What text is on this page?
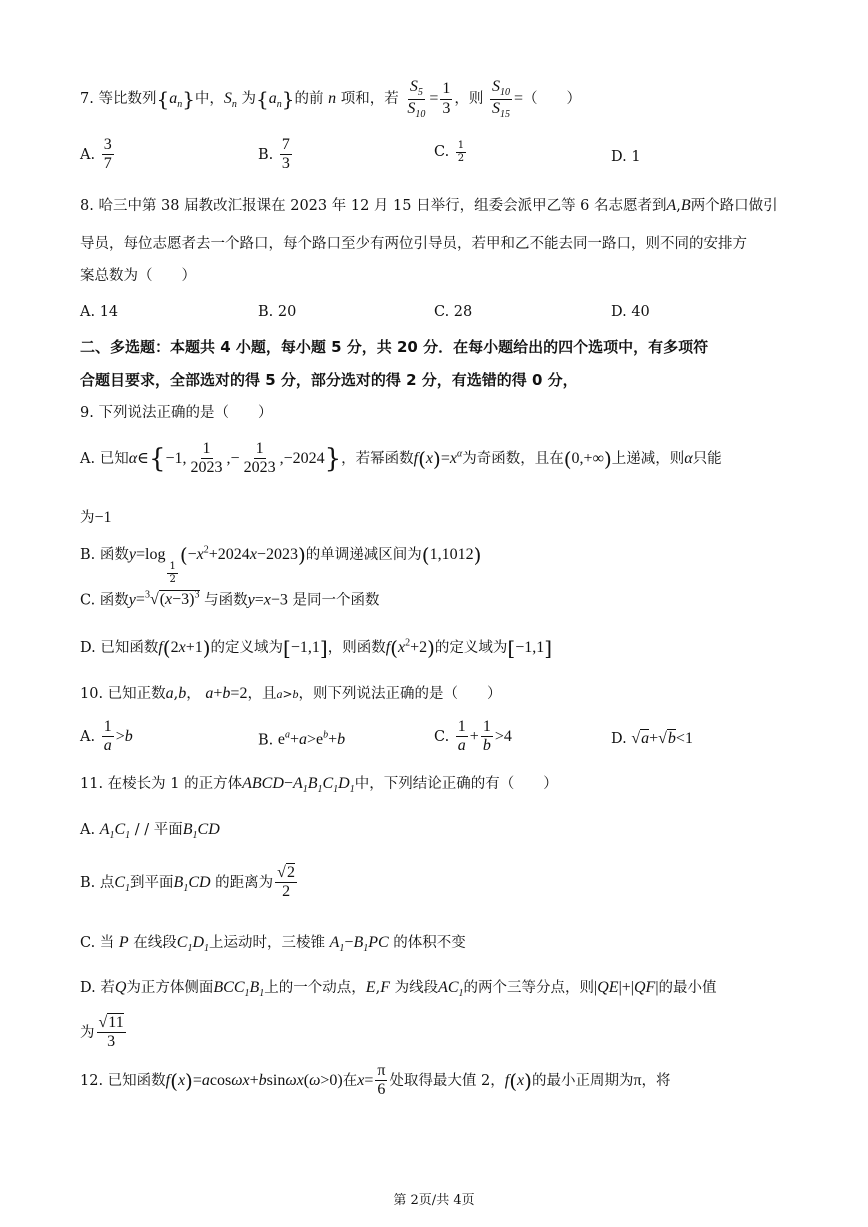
7. 等比数列$\{a_n\}$中，$S_n$ 为$\{a_n\}$的前 n 项和，若 $\frac{S_5}{S_{10}} = \frac{1}{3}$ ，则 $\frac{S_{10}}{S_{15}}$ =（　　）
A. $\frac{3}{7}$	B. $\frac{7}{3}$	C. $\frac{1}{2}$	D. 1
8. 哈三中第 38 届教改汇报课在 2023 年 12 月 15 日举行，组委会派甲乙等 6 名志愿者到A,B两个路口做引
导员，每位志愿者去一个路口，每个路口至少有两位引导员，若甲和乙不能去同一路口，则不同的安排方
案总数为（　　）
A. 14	B. 20	C. 28	D. 40
二、多选题：本题共 4 小题，每小题 5 分，共 20 分．在每小题给出的四个选项中，有多项符
合题目要求，全部选对的得 5 分，部分选对的得 2 分，有选错的得 0 分，
9. 下列说法正确的是（　　）
A. 已知α∈{−1, $\frac{1}{2023}$ ,− $\frac{1}{2023} ,-2024$}，若幂函数$f(x)=x^\alpha$为奇函数，且在(0,+∞)上递减，则α只能
为−1
B. 函数y=log
$\frac{1}{2}$
$(-x^2+2024x-2023)$的单调递减区间为(1,1012)
C. 函数$y=^3√(x-3)^3$ 与函数y=x−3 是同一个函数
D. 已知函数f(2x+1)的定义域为[−1,1]，则函数$f(x^2+2)$的定义域为[−1,1]
10. 已知正数a,b， a+b=2，且a>b，则下列说法正确的是（　　）
A. $\frac{1}{a} >b$	B. $e^a+a>e^b+b$	C. $\frac{1}{a} + \frac{1}{b} >4$	D. √a+√b<1
11. 在棱长为 1 的正方体$ABCD-A_1B_1C_1D_1$中，下列结论正确的有（　　）
A. $A_1C_1$ / / 平面$B_1CD$
B. 点$C_1$到平面$B_1CD$ 的距离为 $\frac{√2}{2}$
C. 当 P 在线段$C_1D_1$上运动时，三棱锥 $A_1-B_1PC$ 的体积不变
D. 若Q为正方体侧面$BCC_1B_1$上的一个动点，E,F 为线段$AC_1$的两个三等分点，则|QE|+|QF|的最小值
为 $\frac{√11}{3}$
12. 已知函数f(x)=acosωx+bsinωx(ω>0)在$x= \frac{\pi}{6}$ 处取得最大值 2，f(x)的最小正周期为π，将
第 2页/共 4页
